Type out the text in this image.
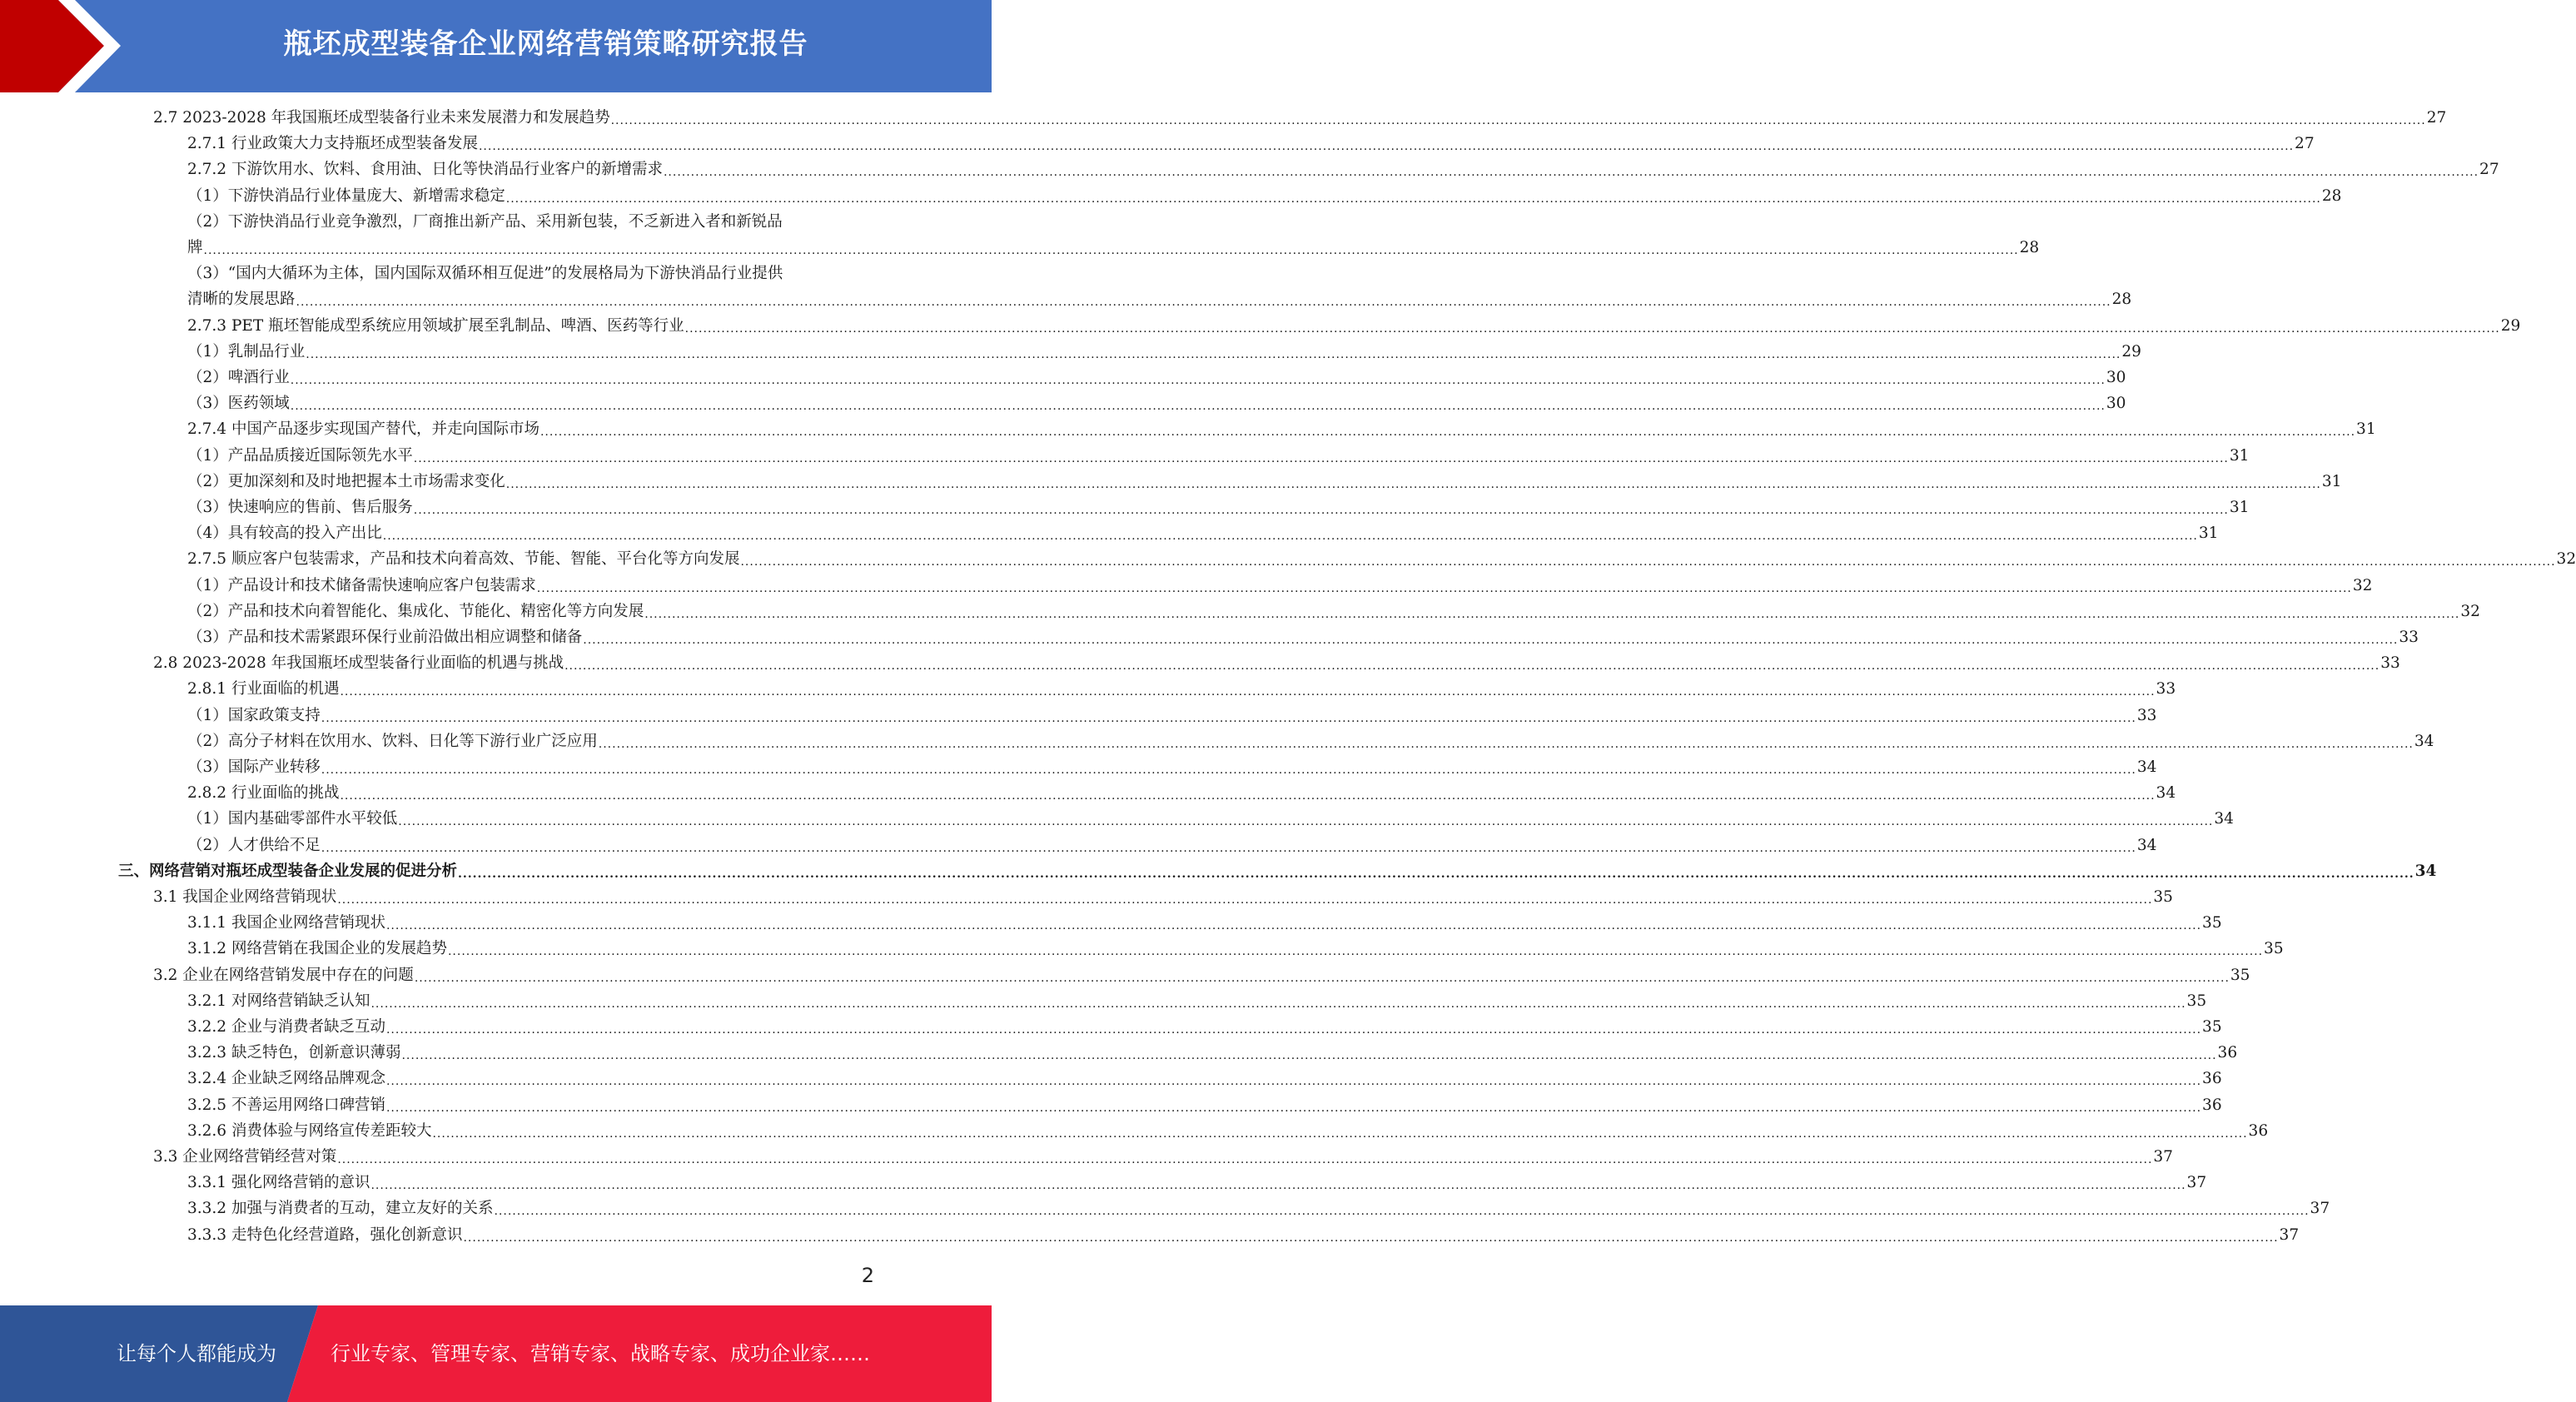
瓶坯成型装备企业网络营销策略研究报告
2.7 2023-2028 年我国瓶坯成型装备行业未来发展潜力和发展趋势 ................................................................................................................................................................................................................................................................................................................................................................................................................ 27
2.7.1 行业政策大力支持瓶坯成型装备发展 ................................................................................................................................................................................................................................................................................................................................................................................................................ 27
2.7.2 下游饮用水、饮料、食用油、日化等快消品行业客户的新增需求 ................................................................................................................................................................................................................................................................................................................................................................................................................ 27
（1）下游快消品行业体量庞大、新增需求稳定 ................................................................................................................................................................................................................................................................................................................................................................................................................ 28
（2）下游快消品行业竞争激烈，厂商推出新产品、采用新包装，不乏新进入者和新锐品
牌 ................................................................................................................................................................................................................................................................................................................................................................................................................ 28
（3）“国内大循环为主体，国内国际双循环相互促进”的发展格局为下游快消品行业提供
清晰的发展思路 ................................................................................................................................................................................................................................................................................................................................................................................................................ 28
2.7.3 PET 瓶坯智能成型系统应用领域扩展至乳制品、啤酒、医药等行业 ................................................................................................................................................................................................................................................................................................................................................................................................................ 29
（1）乳制品行业 ................................................................................................................................................................................................................................................................................................................................................................................................................ 29
（2）啤酒行业 ................................................................................................................................................................................................................................................................................................................................................................................................................ 30
（3）医药领域 ................................................................................................................................................................................................................................................................................................................................................................................................................ 30
2.7.4 中国产品逐步实现国产替代，并走向国际市场 ................................................................................................................................................................................................................................................................................................................................................................................................................ 31
（1）产品品质接近国际领先水平 ................................................................................................................................................................................................................................................................................................................................................................................................................ 31
（2）更加深刻和及时地把握本土市场需求变化 ................................................................................................................................................................................................................................................................................................................................................................................................................ 31
（3）快速响应的售前、售后服务 ................................................................................................................................................................................................................................................................................................................................................................................................................ 31
（4）具有较高的投入产出比 ................................................................................................................................................................................................................................................................................................................................................................................................................ 31
2.7.5 顺应客户包装需求，产品和技术向着高效、节能、智能、平台化等方向发展 ................................................................................................................................................................................................................................................................................................................................................................................................................ 32
（1）产品设计和技术储备需快速响应客户包装需求 ................................................................................................................................................................................................................................................................................................................................................................................................................ 32
（2）产品和技术向着智能化、集成化、节能化、精密化等方向发展 ................................................................................................................................................................................................................................................................................................................................................................................................................ 32
（3）产品和技术需紧跟环保行业前沿做出相应调整和储备 ................................................................................................................................................................................................................................................................................................................................................................................................................ 33
2.8 2023-2028 年我国瓶坯成型装备行业面临的机遇与挑战 ................................................................................................................................................................................................................................................................................................................................................................................................................ 33
2.8.1 行业面临的机遇 ................................................................................................................................................................................................................................................................................................................................................................................................................ 33
（1）国家政策支持 ................................................................................................................................................................................................................................................................................................................................................................................................................ 33
（2）高分子材料在饮用水、饮料、日化等下游行业广泛应用 ................................................................................................................................................................................................................................................................................................................................................................................................................ 34
（3）国际产业转移 ................................................................................................................................................................................................................................................................................................................................................................................................................ 34
2.8.2 行业面临的挑战 ................................................................................................................................................................................................................................................................................................................................................................................................................ 34
（1）国内基础零部件水平较低 ................................................................................................................................................................................................................................................................................................................................................................................................................ 34
（2）人才供给不足 ................................................................................................................................................................................................................................................................................................................................................................................................................ 34
三、网络营销对瓶坯成型装备企业发展的促进分析 ................................................................................................................................................................................................................................................................................................................................................................................................................ 34
3.1 我国企业网络营销现状 ................................................................................................................................................................................................................................................................................................................................................................................................................ 35
3.1.1 我国企业网络营销现状 ................................................................................................................................................................................................................................................................................................................................................................................................................ 35
3.1.2 网络营销在我国企业的发展趋势 ................................................................................................................................................................................................................................................................................................................................................................................................................ 35
3.2 企业在网络营销发展中存在的问题 ................................................................................................................................................................................................................................................................................................................................................................................................................ 35
3.2.1 对网络营销缺乏认知 ................................................................................................................................................................................................................................................................................................................................................................................................................ 35
3.2.2 企业与消费者缺乏互动 ................................................................................................................................................................................................................................................................................................................................................................................................................ 35
3.2.3 缺乏特色，创新意识薄弱 ................................................................................................................................................................................................................................................................................................................................................................................................................ 36
3.2.4 企业缺乏网络品牌观念 ................................................................................................................................................................................................................................................................................................................................................................................................................ 36
3.2.5 不善运用网络口碑营销 ................................................................................................................................................................................................................................................................................................................................................................................................................ 36
3.2.6 消费体验与网络宣传差距较大 ................................................................................................................................................................................................................................................................................................................................................................................................................ 36
3.3 企业网络营销经营对策 ................................................................................................................................................................................................................................................................................................................................................................................................................ 37
3.3.1 强化网络营销的意识 ................................................................................................................................................................................................................................................................................................................................................................................................................ 37
3.3.2 加强与消费者的互动，建立友好的关系 ................................................................................................................................................................................................................................................................................................................................................................................................................ 37
3.3.3 走特色化经营道路，强化创新意识 ................................................................................................................................................................................................................................................................................................................................................................................................................ 37
2
让每个人都能成为	行业专家、管理专家、营销专家、战略专家、成功企业家……
